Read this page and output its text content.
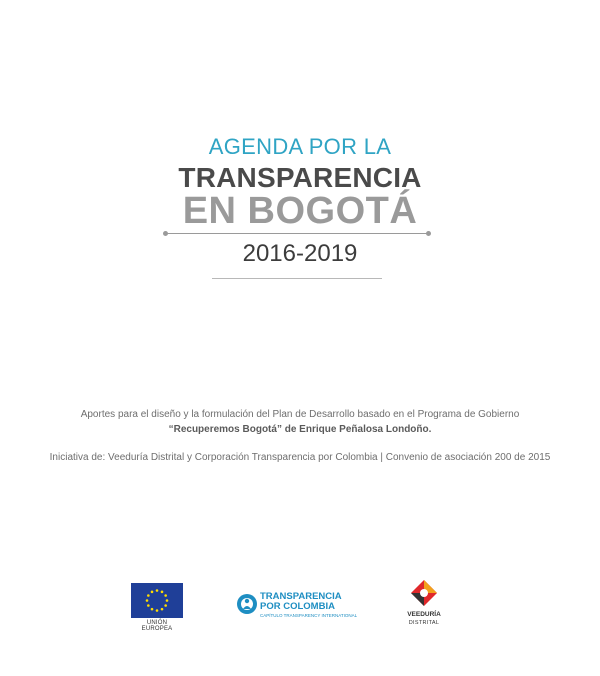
AGENDA POR LA
TRANSPARENCIA
EN BOGOTÁ
2016-2019
Aportes para el diseño y la formulación del Plan de Desarrollo basado en el Programa de Gobierno
“Recuperemos Bogotá” de Enrique Peñalosa Londoño.
Iniciativa de: Veeduría Distrital y Corporación Transparencia por Colombia | Convenio de asociación 200 de 2015
UNIÓN EUROPEA
TRANSPARENCIA
POR COLOMBIA
CAPÍTULO TRANSPARENCY INTERNATIONAL	VEEDURÍA
DISTRITAL
